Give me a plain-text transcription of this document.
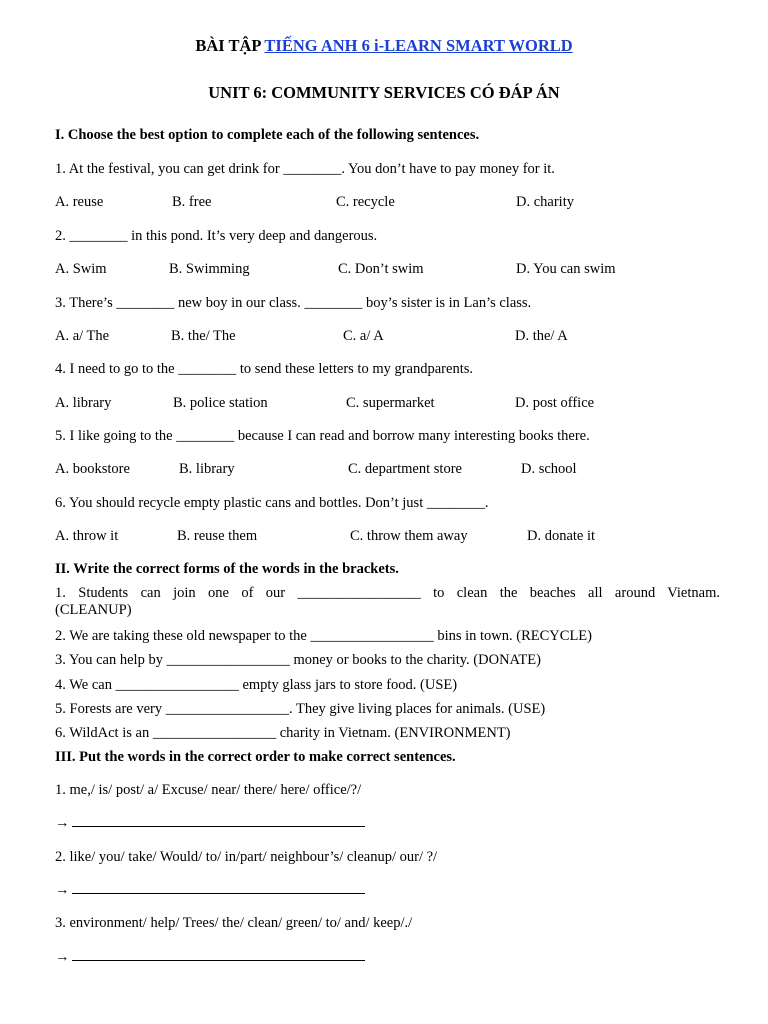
BÀI TẬP TIẾNG ANH 6 i-LEARN SMART WORLD
UNIT 6: COMMUNITY SERVICES CÓ ĐÁP ÁN
I. Choose the best option to complete each of the following sentences.
1. At the festival, you can get drink for ________. You don’t have to pay money for it.
A. reuse	B. free	C. recycle	D. charity
2. ________ in this pond. It’s very deep and dangerous.
A. Swim	B. Swimming	C. Don’t swim	D. You can swim
3. There’s ________ new boy in our class. ________ boy’s sister is in Lan’s class.
A. a/ The	B. the/ The	C. a/ A	D. the/ A
4. I need to go to the ________ to send these letters to my grandparents.
A. library	B. police station	C. supermarket	D. post office
5. I like going to the ________ because I can read and borrow many interesting books there.
A. bookstore	B. library	C. department store	D. school
6. You should recycle empty plastic cans and bottles. Don’t just ________.
A. throw it	B. reuse them	C. throw them away	D. donate it
II. Write the correct forms of the words in the brackets.
1. Students can join one of our _________________ to clean the beaches all around Vietnam.
(CLEANUP)
2. We are taking these old newspaper to the _________________ bins in town. (RECYCLE)
3. You can help by _________________ money or books to the charity. (DONATE)
4. We can _________________ empty glass jars to store food. (USE)
5. Forests are very _________________. They give living places for animals. (USE)
6. WildAct is an _________________ charity in Vietnam. (ENVIRONMENT)
III. Put the words in the correct order to make correct sentences.
1. me,/ is/ post/ a/ Excuse/ near/ there/ here/ office/?/
→
2. like/ you/ take/ Would/ to/ in/part/ neighbour’s/ cleanup/ our/ ?/
→
3. environment/ help/ Trees/ the/ clean/ green/ to/ and/ keep/./
→
